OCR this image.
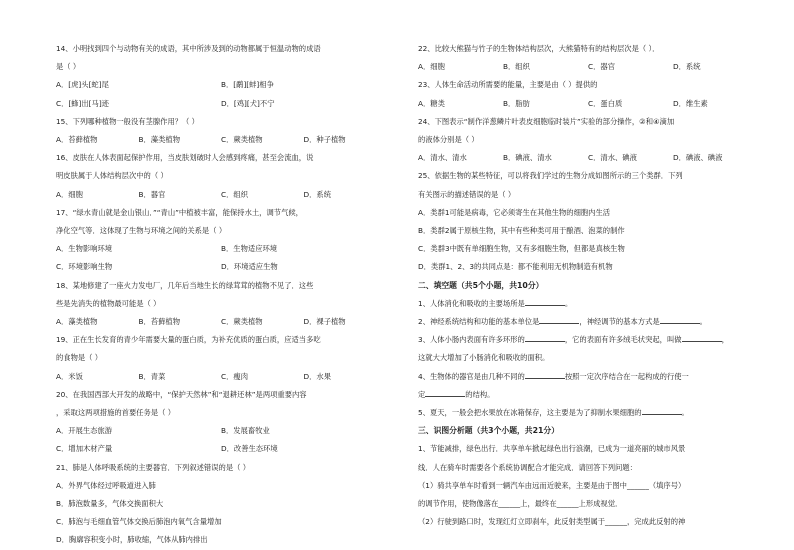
14、小明找到四个与动物有关的成语，其中所涉及到的动物都属于恒温动物的成语
是（ ）
A．[虎]头[蛇]尾	B．[鹬][蚌]相争
C．[蜂]出[马]迹	D．[鸡][犬]不宁
15、下列哪种植物一般没有茎腺作用？（ ）
A．苔藓植物	B．藻类植物	C．蕨类植物	D．种子植物
16、皮肤在人体表面起保护作用，当皮肤划破时人会感到疼痛，甚至会流血，说
明皮肤属于人体结构层次中的（ ）
A．细胞	B．器官	C．组织	D．系统
17、“绿水青山就是金山银山．”“青山”中植被丰富，能保持水土，调节气候，
净化空气等．这体现了生物与环境之间的关系是（ ）
A．生物影响环境	B．生物适应环境
C．环境影响生物	D．环境适应生物
18、某地修建了一座火力发电厂，几年后当地生长的绿茸茸的植物不见了．这些
些是先消失的植物最可能是（ ）
A．藻类植物	B．苔藓植物	C．蕨类植物	D．裸子植物
19、正在生长发育的青少年需要大量的蛋白质，为补充优质的蛋白质，应适当多吃
的食物是（ ）
A．米饭	B．青菜	C．瘦肉	D．水果
20、在我国西部大开发的战略中，“保护天然林”和“退耕还林”是两项重要内容
，采取这两项措施的首要任务是（ ）
A．开展生态旅游	B．发展畜牧业
C．增加木材产量	D．改善生态环境
21、肺是人体呼吸系统的主要器官．下列叙述错误的是（ ）
A．外界气体经过呼吸道进入肺
B．肺泡数量多，气体交换面积大
C．肺泡与毛细血管气体交换后肺泡内氧气含量增加
D．胸廓容积变小时，肺收缩，气体从肺内排出
22、比较大熊猫与竹子的生物体结构层次，大熊猫特有的结构层次是（ ）．
A．细胞	B．组织	C．器官	D．系统
23、人体生命活动所需要的能量，主要是由（ ）提供的
A．糖类	B．脂肪	C．蛋白质	D．维生素
24、下图表示“制作洋葱鳞片叶表皮细胞临时装片”实验的部分操作，②和④滴加
的液体分别是（ ）
A．清水、清水	B．碘液、清水	C．清水、碘液	D．碘液、碘液
25、依据生物的某些特征，可以将我们学过的生物分成如图所示的三个类群．下列
有关图示的描述错误的是（ ）
A．类群1可能是病毒，它必须寄生在其他生物的细胞内生活
B．类群2属于原核生物，其中有些种类可用于酿酒、泡菜的制作
C．类群3中既有单细胞生物，又有多细胞生物，但都是真核生物
D．类群1、2、3的共同点是：都不能利用无机物制造有机物
二、填空题（共5个小题，共10分）
1、人体消化和吸收的主要场所是	。
2、神经系统结构和功能的基本单位是	，神经调节的基本方式是	。
3、人体小肠内表面有许多环形的	，它的表面有许多绒毛状突起，叫做	，
这就大大增加了小肠消化和吸收的面积。
4、生物体的器官是由几种不同的	按照一定次序结合在一起构成的行使一
定	的结构。
5、夏天，一般会把水果放在冰箱保存，这主要是为了抑制水果细胞的	。
三、识图分析题（共3个小题，共21分）
1、节能减排，绿色出行．共享单车掀起绿色出行浪潮，已成为一道亮丽的城市风景
线．人在骑车时需要各个系统协调配合才能完成．请回答下列问题：
（1）骑共享单车时看到一辆汽车由远而近驶来，主要是由于图中______（填序号）
的调节作用，使物像落在______上，最终在______上形成视觉．
（2）行驶到路口时，发现红灯立即刹车，此反射类型属于______，完成此反射的神
